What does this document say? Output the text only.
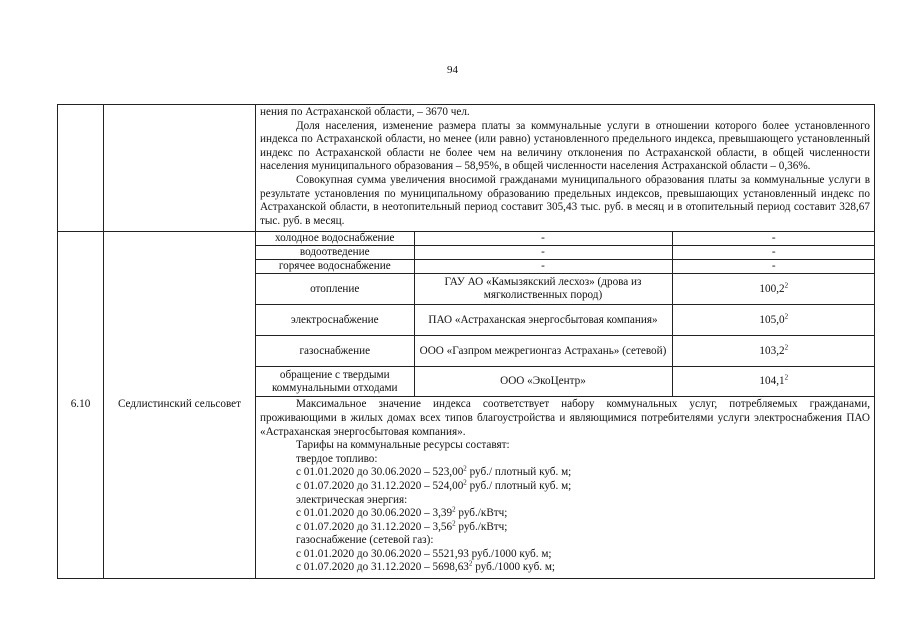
94

нения по Астраханской области, – 3670 чел.

Доля населения, изменение размера платы за коммунальные услуги в отношении которого более установленного индекса по Астраханской области, но менее (или равно) установленного предельного индекса, превышающего установленный индекс по Астраханской области не более чем на величину отклонения по Астраханской области, в общей численности населения муниципального образования – 58,95%, в общей численности населения Астраханской области – 0,36%.

Совокупная сумма увеличения вносимой гражданами муниципального образования платы за коммунальные услуги в результате установления по муниципальному образованию предельных индексов, превышающих установленный индекс по Астраханской области, в неотопительный период составит 305,43 тыс. руб. в месяц и в отопительный период составит 328,67 тыс. руб. в месяц.

6.10	Седлистинский сельсовет	
холодное водоснабжение	-	-
водоотведение	-	-
горячее водоснабжение	-	-
отопление	ГАУ АО «Камызякский лесхоз» (дрова из мягколиственных пород)	100,2$^2$
электроснабжение	ПАО «Астраханская энергосбытовая компания»	105,0$^2$
газоснабжение	ООО «Газпром межрегионгаз Астрахань» (сетевой)	103,2$^2$
обращение с твердыми коммунальными отходами	ООО «ЭкоЦентр»	104,1$^2$

Максимальное значение индекса соответствует набору коммунальных услуг, потребляемых гражданами, проживающими в жилых домах всех типов благоустройства и являющимися потребителями услуги электроснабжения ПАО «Астраханская энергосбытовая компания».

Тарифы на коммунальные ресурсы составят:

твердое топливо:

с 01.01.2020 до 30.06.2020 – 523,00$^2$ руб./ плотный куб. м;

с 01.07.2020 до 31.12.2020 – 524,00$^2$ руб./ плотный куб. м;

электрическая энергия:

с 01.01.2020 до 30.06.2020 – 3,39$^2$ руб./кВтч;

с 01.07.2020 до 31.12.2020 – 3,56$^2$ руб./кВтч;

газоснабжение (сетевой газ):

с 01.01.2020 до 30.06.2020 – 5521,93 руб./1000 куб. м;

с 01.07.2020 до 31.12.2020 – 5698,63$^2$ руб./1000 куб. м;
